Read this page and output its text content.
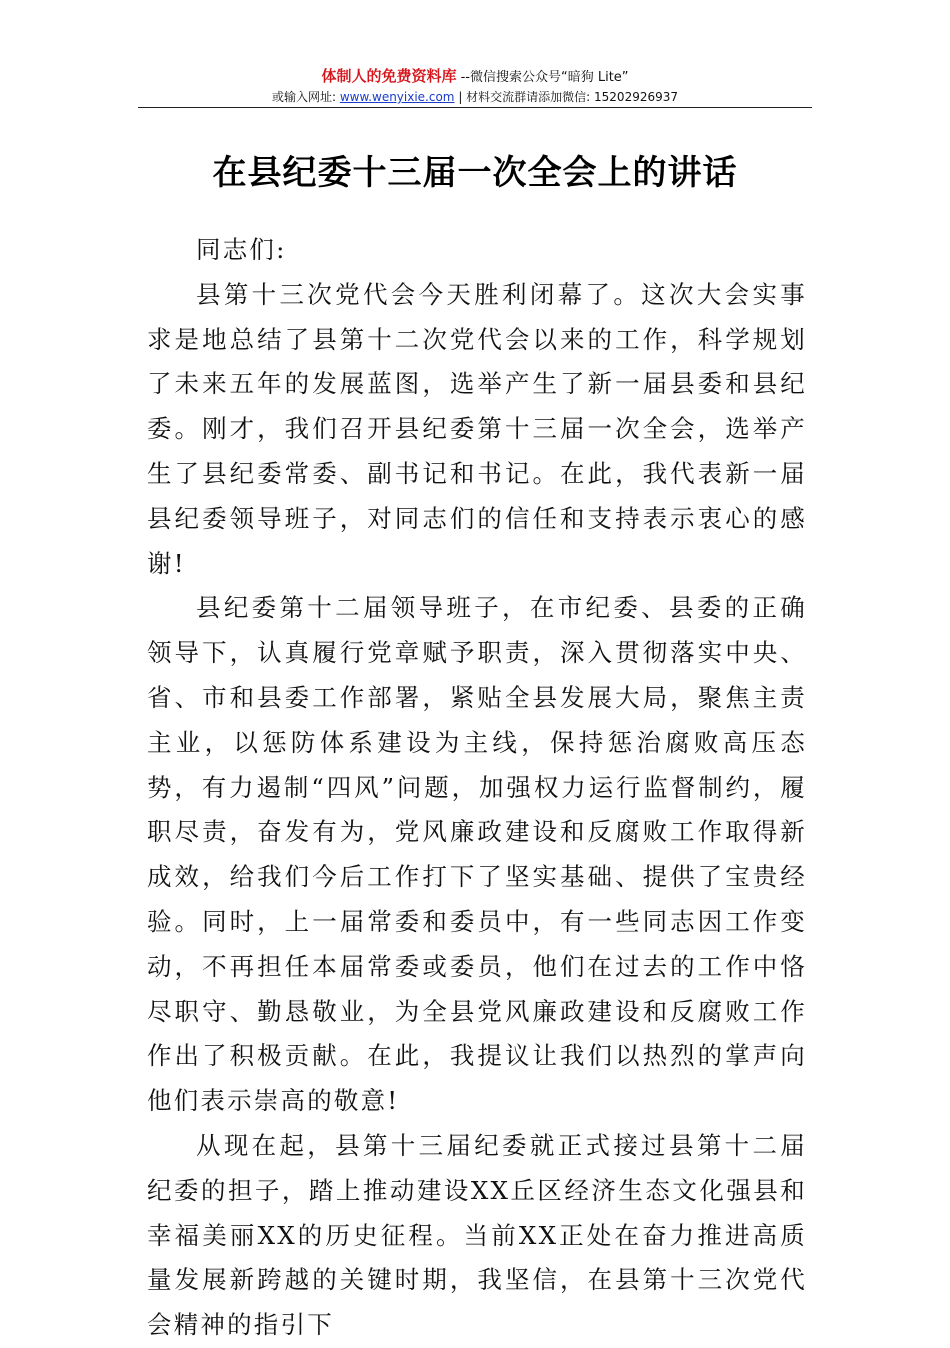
体制人的免费资料库 --微信搜索公众号“暗狗 Lite”
或输入网址: www.wenyixie.com | 材料交流群请添加微信: 15202926937
在县纪委十三届一次全会上的讲话

同志们:

县第十三次党代会今天胜利闭幕了。这次大会实事求是地总结了县第十二次党代会以来的工作，科学规划了未来五年的发展蓝图，选举产生了新一届县委和县纪委。刚才，我们召开县纪委第十三届一次全会，选举产生了县纪委常委、副书记和书记。在此，我代表新一届县纪委领导班子，对同志们的信任和支持表示衷心的感谢!

县纪委第十二届领导班子，在市纪委、县委的正确领导下，认真履行党章赋予职责，深入贯彻落实中央、省、市和县委工作部署，紧贴全县发展大局，聚焦主责主业，以惩防体系建设为主线，保持惩治腐败高压态势，有力遏制“四风”问题，加强权力运行监督制约，履职尽责，奋发有为，党风廉政建设和反腐败工作取得新成效，给我们今后工作打下了坚实基础、提供了宝贵经验。同时，上一届常委和委员中，有一些同志因工作变动，不再担任本届常委或委员，他们在过去的工作中恪尽职守、勤恳敬业，为全县党风廉政建设和反腐败工作作出了积极贡献。在此，我提议让我们以热烈的掌声向他们表示崇高的敬意!

从现在起，县第十三届纪委就正式接过县第十二届纪委的担子，踏上推动建设XX丘区经济生态文化强县和幸福美丽XX的历史征程。当前XX正处在奋力推进高质量发展新跨越的关键时期，我坚信，在县第十三次党代会精神的指引下
